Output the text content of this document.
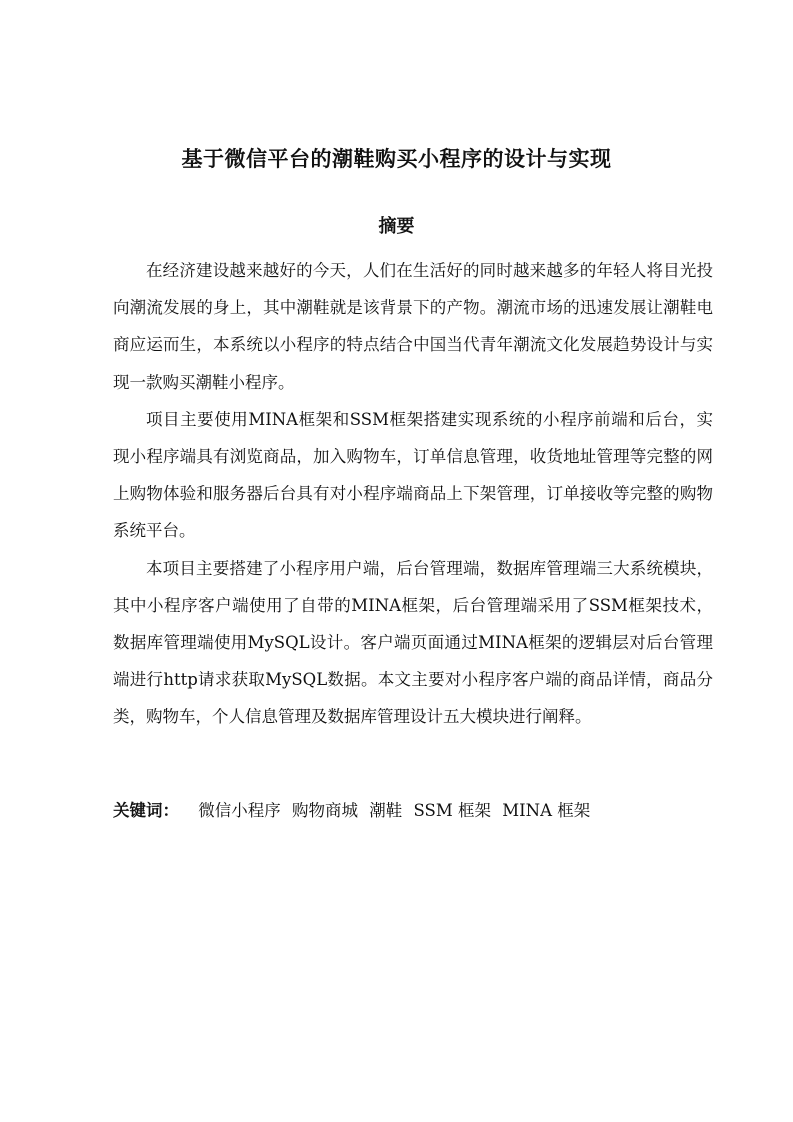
基于微信平台的潮鞋购买小程序的设计与实现
摘要

在经济建设越来越好的今天，人们在生活好的同时越来越多的年轻人将目光投向潮流发展的身上，其中潮鞋就是该背景下的产物。潮流市场的迅速发展让潮鞋电商应运而生，本系统以小程序的特点结合中国当代青年潮流文化发展趋势设计与实现一款购买潮鞋小程序。

项目主要使用MINA框架和SSM框架搭建实现系统的小程序前端和后台，实现小程序端具有浏览商品，加入购物车，订单信息管理，收货地址管理等完整的网上购物体验和服务器后台具有对小程序端商品上下架管理，订单接收等完整的购物系统平台。

本项目主要搭建了小程序用户端，后台管理端，数据库管理端三大系统模块，其中小程序客户端使用了自带的MINA框架，后台管理端采用了SSM框架技术，数据库管理端使用MySQL设计。客户端页面通过MINA框架的逻辑层对后台管理端进行http请求获取MySQL数据。本文主要对小程序客户端的商品详情，商品分类，购物车，个人信息管理及数据库管理设计五大模块进行阐释。

关键词： 微信小程序 购物商城 潮鞋 SSM 框架 MINA 框架
